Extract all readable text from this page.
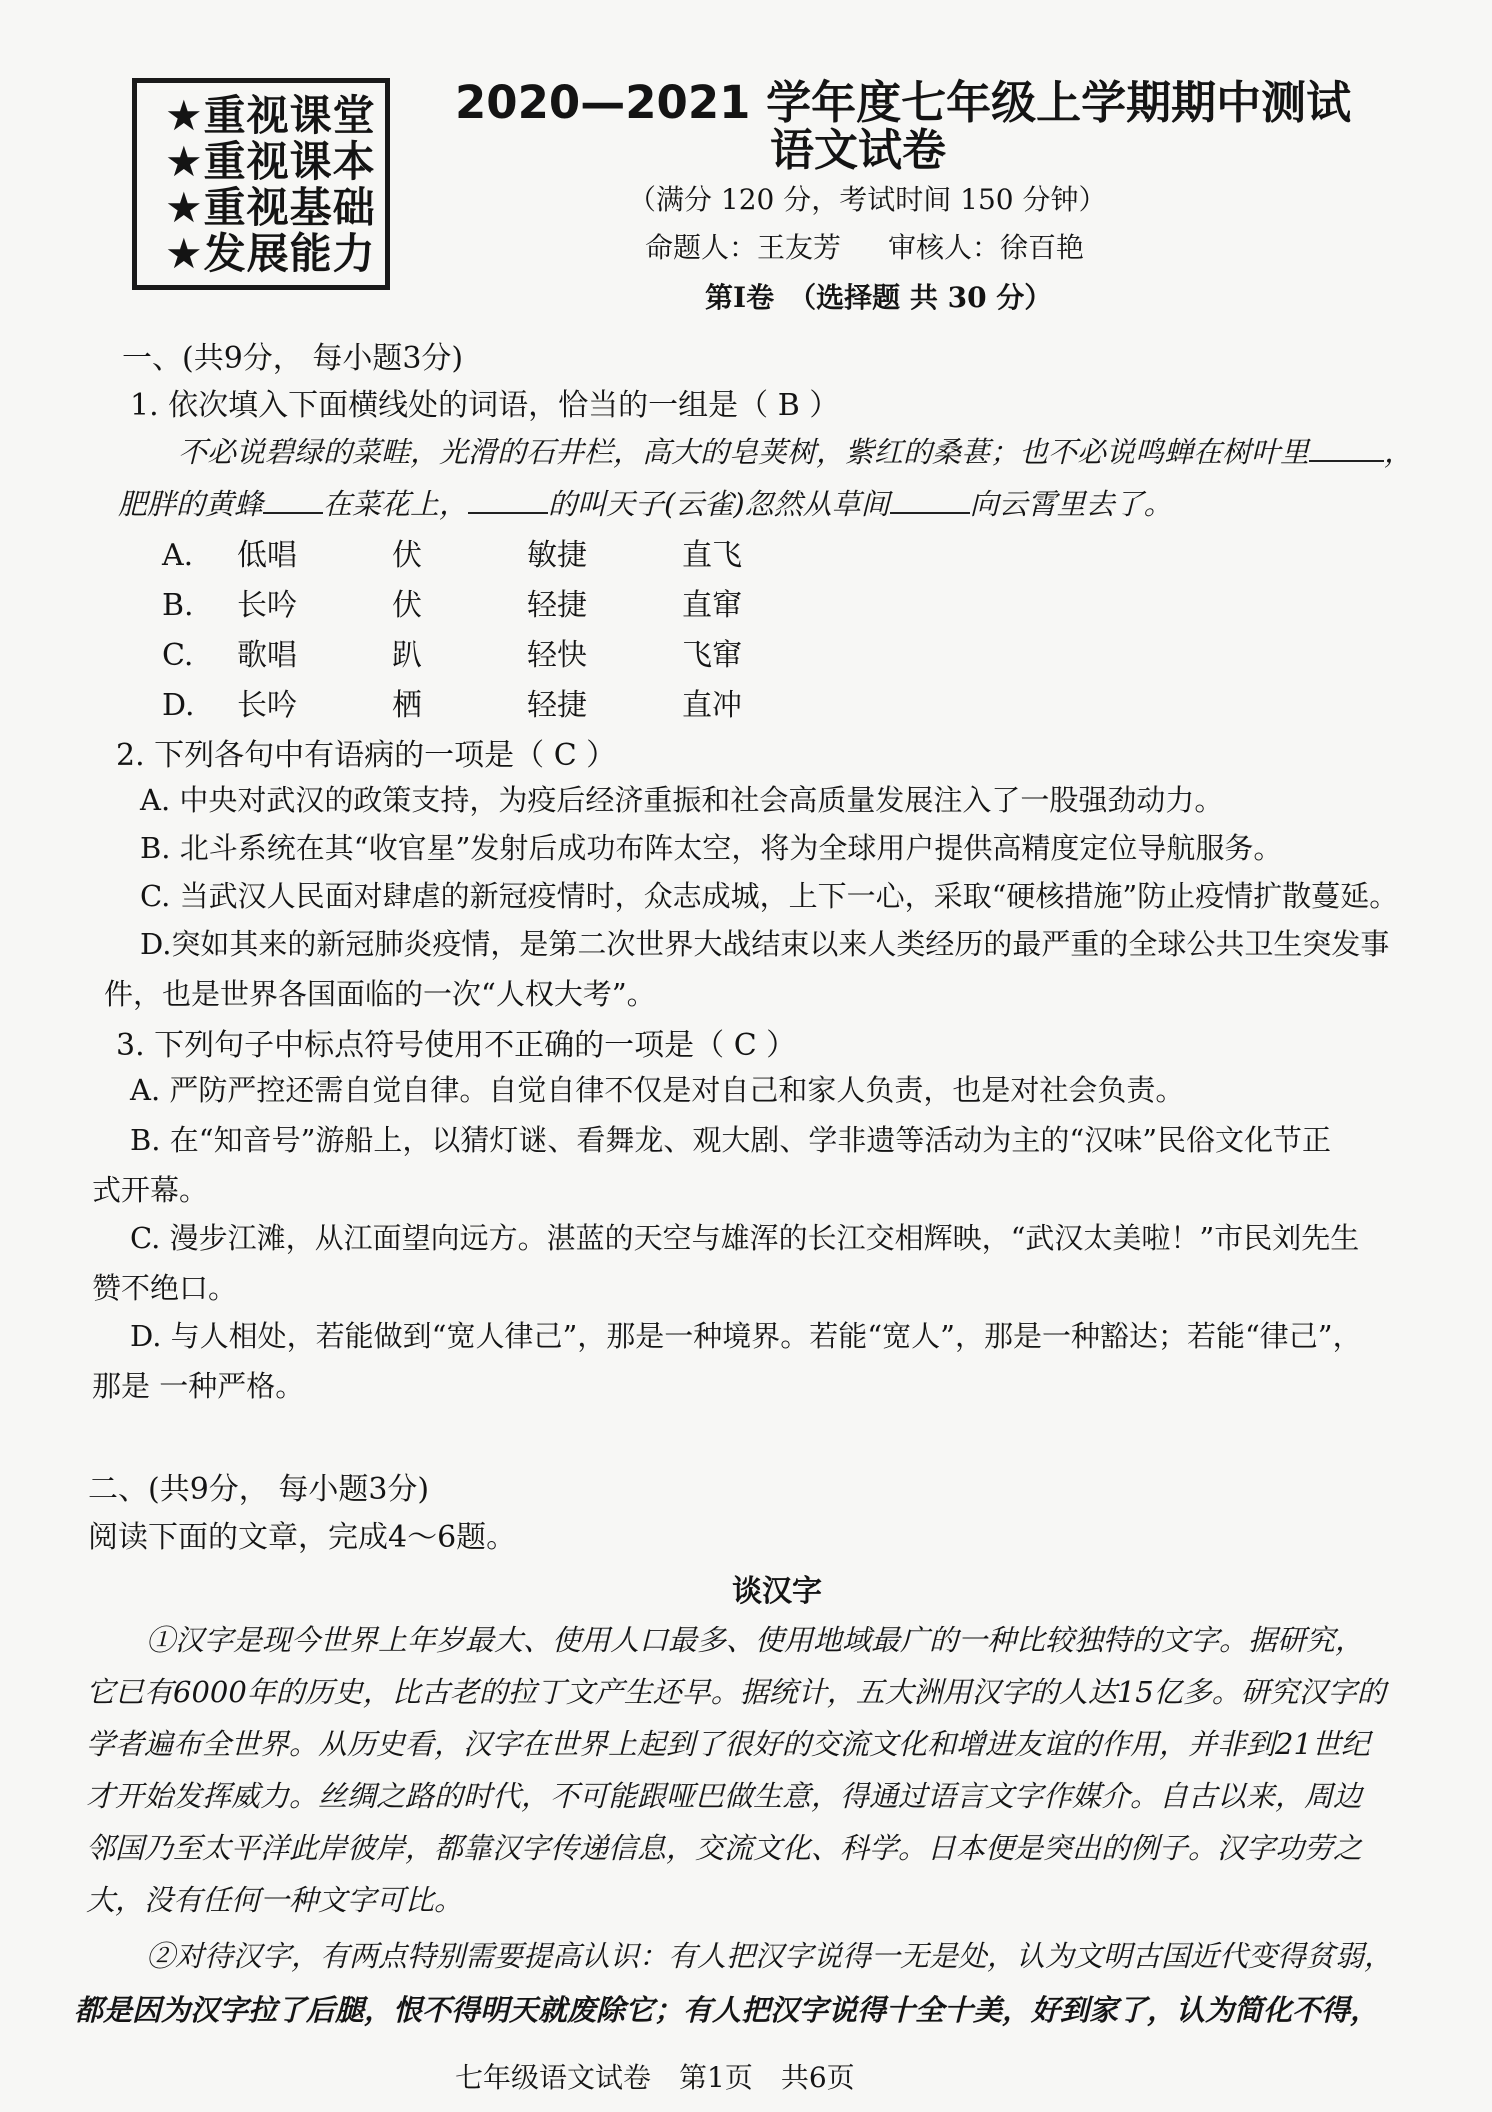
★重视课堂
★重视课本
★重视基础
★发展能力
2020—2021 学年度七年级上学期期中测试
语文试卷
（满分 120 分，考试时间 150 分钟）
命题人：王友芳 审核人：徐百艳
第Ⅰ卷　（选择题 共 30 分）
一、(共9分， 每小题3分)
1. 依次填入下面横线处的词语，恰当的一组是（ B ）
不必说碧绿的菜畦，光滑的石井栏，高大的皂荚树，紫红的桑葚；也不必说鸣蝉在树叶里	，
肥胖的黄蜂 在菜花上，	的叫天子(云雀)忽然从草间	向云霄里去了。
A. 低唱	伏	敏捷	直飞
B. 长吟	伏	轻捷	直窜
C. 歌唱	趴	轻快	飞窜
D. 长吟	栖	轻捷	直冲
2. 下列各句中有语病的一项是（ C ）
A. 中央对武汉的政策支持，为疫后经济重振和社会高质量发展注入了一股强劲动力。
B. 北斗系统在其“收官星”发射后成功布阵太空，将为全球用户提供高精度定位导航服务。
C. 当武汉人民面对肆虐的新冠疫情时，众志成城，上下一心，采取“硬核措施”防止疫情扩散蔓延。
D.突如其来的新冠肺炎疫情，是第二次世界大战结束以来人类经历的最严重的全球公共卫生突发事
件，也是世界各国面临的一次“人权大考”。
3. 下列句子中标点符号使用不正确的一项是（ C ）
A. 严防严控还需自觉自律。自觉自律不仅是对自己和家人负责，也是对社会负责。
B. 在“知音号”游船上，以猜灯谜、看舞龙、观大剧、学非遗等活动为主的“汉味”民俗文化节正
式开幕。
C. 漫步江滩，从江面望向远方。湛蓝的天空与雄浑的长江交相辉映，“武汉太美啦！”市民刘先生
赞不绝口。
D. 与人相处，若能做到“宽人律己”，那是一种境界。若能“宽人”，那是一种豁达；若能“律己”，
那是 一种严格。
二、(共9分， 每小题3分)
阅读下面的文章，完成4～6题。
谈汉字
①汉字是现今世界上年岁最大、使用人口最多、使用地域最广的一种比较独特的文字。据研究，
它已有6000年的历史，比古老的拉丁文产生还早。据统计，五大洲用汉字的人达15亿多。研究汉字的
学者遍布全世界。从历史看，汉字在世界上起到了很好的交流文化和增进友谊的作用，并非到21世纪
才开始发挥威力。丝绸之路的时代，不可能跟哑巴做生意，得通过语言文字作媒介。自古以来，周边
邻国乃至太平洋此岸彼岸，都靠汉字传递信息，交流文化、科学。日本便是突出的例子。汉字功劳之
大，没有任何一种文字可比。
②对待汉字，有两点特别需要提高认识：有人把汉字说得一无是处，认为文明古国近代变得贫弱，
都是因为汉字拉了后腿，恨不得明天就废除它；有人把汉字说得十全十美，好到家了，认为简化不得，
七年级语文试卷　第1页　共6页
